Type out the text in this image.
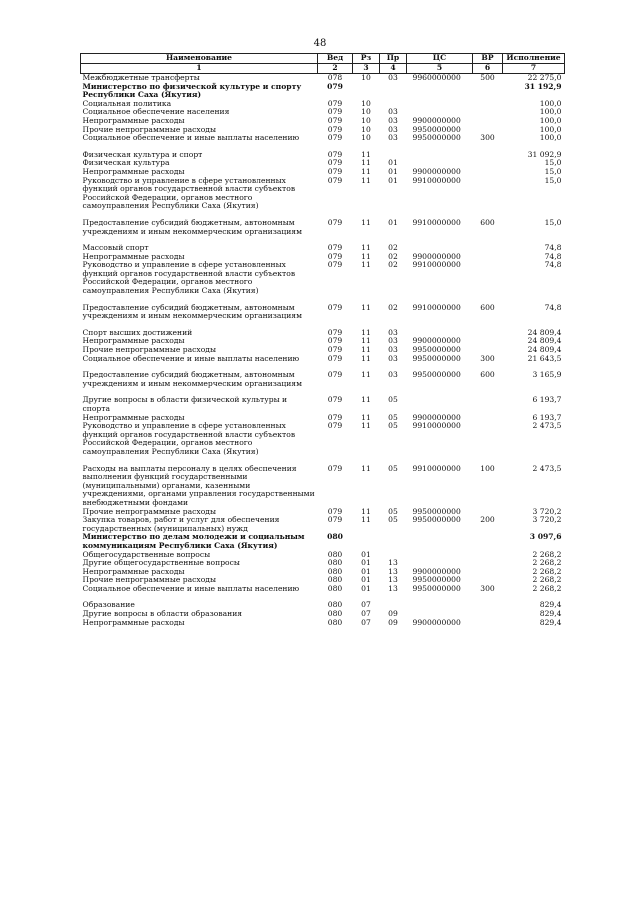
48
Наименование	Вед	Рз	Пр	ЦС	ВР	Исполнение
1	2	3	4	5	6	7
Межбюджетные трансферты	078	10	03	9960000000	500	22 275,0
Министерство по физической культуре и спорту Республики Саха (Якутия)	079					31 192,9
Социальная политика	079	10				100,0
Социальное обеспечение населения	079	10	03			100,0
Непрограммные расходы	079	10	03	9900000000		100,0
Прочие непрограммные расходы	079	10	03	9950000000		100,0
Социальное обеспечение и иные выплаты населению	079	10	03	9950000000	300	100,0

Физическая культура и спорт	079	11				31 092,9
Физическая культура	079	11	01			15,0
Непрограммные расходы	079	11	01	9900000000		15,0
Руководство и управление в сфере установленных функций органов государственной власти субъектов Российской Федерации, органов местного самоуправления Республики Саха (Якутия)	079	11	01	9910000000		15,0

Предоставление субсидий бюджетным, автономным учреждениям и иным некоммерческим организациям	079	11	01	9910000000	600	15,0

Массовый спорт	079	11	02			74,8
Непрограммные расходы	079	11	02	9900000000		74,8
Руководство и управление в сфере установленных функций органов государственной власти субъектов Российской Федерации, органов местного самоуправления Республики Саха (Якутия)	079	11	02	9910000000		74,8

Предоставление субсидий бюджетным, автономным учреждениям и иным некоммерческим организациям	079	11	02	9910000000	600	74,8

Спорт высших достижений	079	11	03			24 809,4
Непрограммные расходы	079	11	03	9900000000		24 809,4
Прочие непрограммные расходы	079	11	03	9950000000		24 809,4
Социальное обеспечение и иные выплаты населению	079	11	03	9950000000	300	21 643,5

Предоставление субсидий бюджетным, автономным учреждениям и иным некоммерческим организациям	079	11	03	9950000000	600	3 165,9

Другие вопросы в области физической культуры и спорта	079	11	05			6 193,7
Непрограммные расходы	079	11	05	9900000000		6 193,7
Руководство и управление в сфере установленных функций органов государственной власти субъектов Российской Федерации, органов местного самоуправления Республики Саха (Якутия)	079	11	05	9910000000		2 473,5

Расходы на выплаты персоналу в целях обеспечения выполнения функций государственными (муниципальными) органами, казенными учреждениями, органами управления государственными внебюджетными фондами	079	11	05	9910000000	100	2 473,5
Прочие непрограммные расходы	079	11	05	9950000000		3 720,2
Закупка товаров, работ и услуг для обеспечения государственных (муниципальных) нужд	079	11	05	9950000000	200	3 720,2
Министерство по делам молодежи и социальным коммуникациям Республики Саха (Якутия)	080					3 097,6
Общегосударственные вопросы	080	01				2 268,2
Другие общегосударственные вопросы	080	01	13			2 268,2
Непрограммные расходы	080	01	13	9900000000		2 268,2
Прочие непрограммные расходы	080	01	13	9950000000		2 268,2
Социальное обеспечение и иные выплаты населению	080	01	13	9950000000	300	2 268,2

Образование	080	07				829,4
Другие вопросы в области образования	080	07	09			829,4
Непрограммные расходы	080	07	09	9900000000		829,4
